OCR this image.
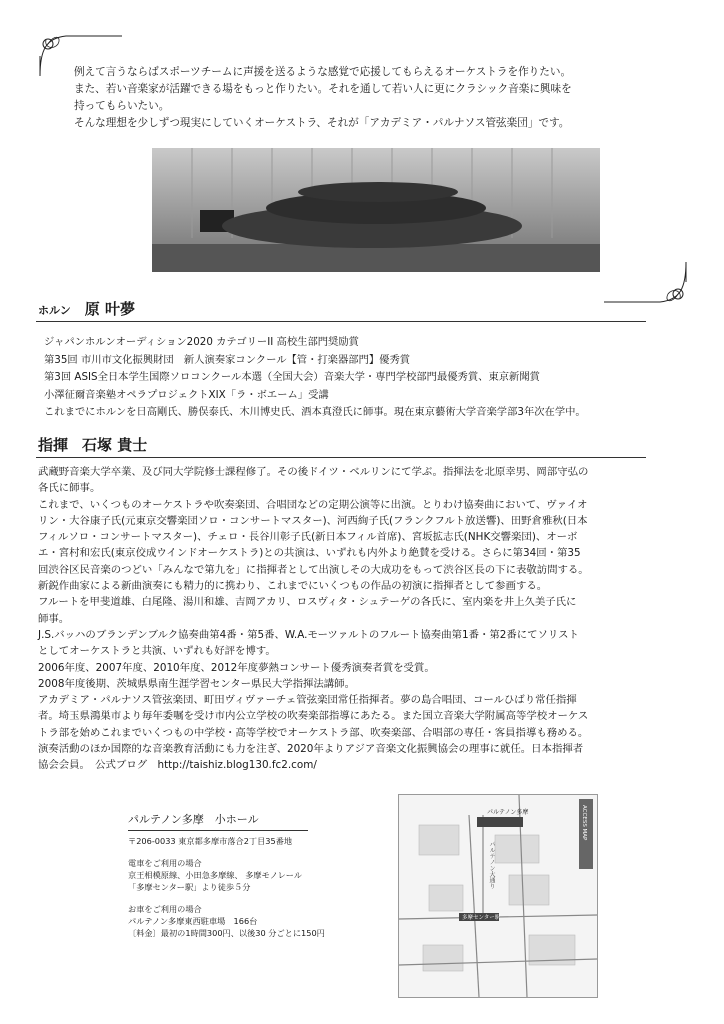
例えて言うならばスポーツチームに声援を送るような感覚で応援してもらえるオーケストラを作りたい。

また、若い音楽家が活躍できる場をもっと作りたい。それを通して若い人に更にクラシック音楽に興味を

持ってもらいたい。

そんな理想を少しずつ現実にしていくオーケストラ、それが「アカデミア・パルナソス管弦楽団」です。

ホルン 原 叶夢

ジャパンホルンオーディション2020 カテゴリーII 高校生部門奨励賞

第35回 市川市文化振興財団　新人演奏家コンクール【管・打楽器部門】優秀賞

第3回 ASIS全日本学生国際ソロコンクール本選（全国大会）音楽大学・専門学校部門最優秀賞、東京新聞賞

小澤征爾音楽塾オペラプロジェクトXIX「ラ・ボエーム」受講

これまでにホルンを日高剛氏、勝俣泰氏、木川博史氏、酒本真澄氏に師事。現在東京藝術大学音楽学部3年次在学中。

指揮 石塚 貴士

武蔵野音楽大学卒業、及び同大学院修士課程修了。その後ドイツ・ベルリンにて学ぶ。指揮法を北原幸男、岡部守弘の

各氏に師事。

これまで、いくつものオーケストラや吹奏楽団、合唱団などの定期公演等に出演。とりわけ協奏曲において、ヴァイオ

リン・大谷康子氏(元東京交響楽団ソロ・コンサートマスター)、河西絢子氏(フランクフルト放送響)、田野倉雅秋(日本

フィルソロ・コンサートマスター)、チェロ・長谷川彰子氏(新日本フィル首席)、宮坂拡志氏(NHK交響楽団)、オーボ

エ・宮村和宏氏(東京佼成ウインドオーケストラ)との共演は、いずれも内外より絶賛を受ける。さらに第34回・第35

回渋谷区民音楽のつどい「みんなで第九を」に指揮者として出演しその大成功をもって渋谷区長の下に表敬訪問する。

新鋭作曲家による新曲演奏にも精力的に携わり、これまでにいくつもの作品の初演に指揮者として参画する。

フルートを甲斐道雄、白尾隆、湯川和雄、吉岡アカリ、ロスヴィタ・シュテーゲの各氏に、室内楽を井上久美子氏に

師事。

J.S.バッハのブランデンブルク協奏曲第4番・第5番、W.A.モーツァルトのフルート協奏曲第1番・第2番にてソリスト

としてオーケストラと共演、いずれも好評を博す。

2006年度、2007年度、2010年度、2012年度夢熱コンサート優秀演奏者賞を受賞。

2008年度後期、茨城県県南生涯学習センター県民大学指揮法講師。

アカデミア・パルナソス管弦楽団、町田ヴィヴァーチェ管弦楽団常任指揮者。夢の島合唱団、コールひばり常任指揮

者。埼玉県鴻巣市より毎年委嘱を受け市内公立学校の吹奏楽部指導にあたる。また国立音楽大学附属高等学校オーケス

トラ部を始めこれまでいくつもの中学校・高等学校でオーケストラ部、吹奏楽部、合唱部の専任・客員指導も務める。

演奏活動のほか国際的な音楽教育活動にも力を注ぎ、2020年よりアジア音楽文化振興協会の理事に就任。日本指揮者

協会会員。　公式ブログ　http://taishiz.blog130.fc2.com/

パルテノン多摩　小ホール

〒206-0033 東京都多摩市落合2丁目35番地

電車をご利用の場合

京王相模原線、小田急多摩線、 多摩モノレール

「多摩センター駅」より徒歩５分

お車をご利用の場合

パルテノン多摩東西駐車場　166台

〔料金〕最初の1時間300円、以後30 分ごとに150円

パルテノン多摩
パルテノン大通り
多摩センター駅
ACCESS MAP
